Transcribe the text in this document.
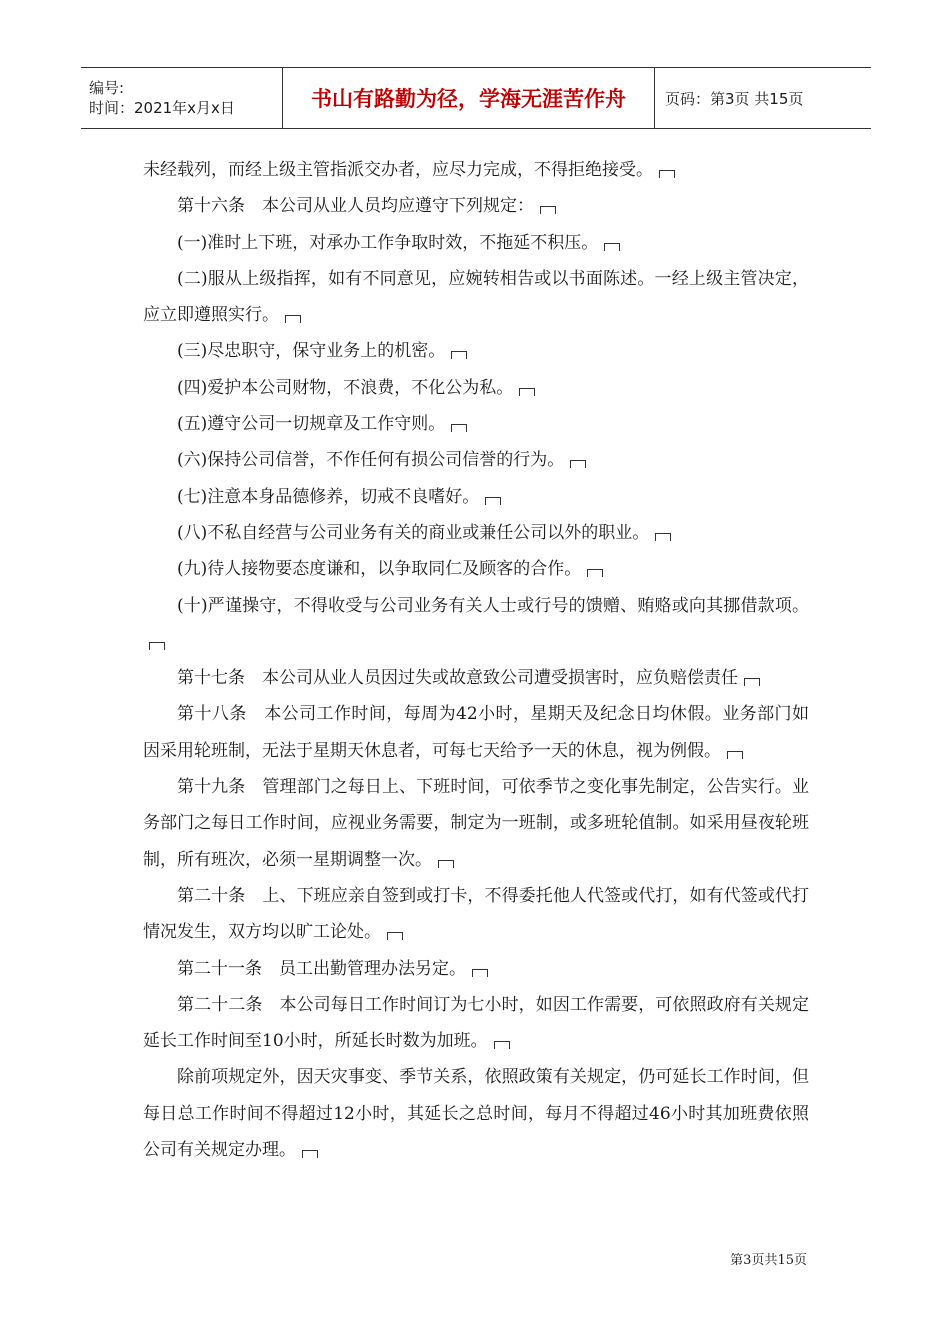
编号:
时间：2021年x月x日	书山有路勤为径，学海无涯苦作舟	页码：第3页 共15页

未经载列，而经上级主管指派交办者，应尽力完成，不得拒绝接受。

第十六条　本公司从业人员均应遵守下列规定：

(一)准时上下班，对承办工作争取时效，不拖延不积压。

(二)服从上级指挥，如有不同意见，应婉转相告或以书面陈述。一经上级主管决定，应立即遵照实行。

(三)尽忠职守，保守业务上的机密。

(四)爱护本公司财物，不浪费，不化公为私。

(五)遵守公司一切规章及工作守则。

(六)保持公司信誉，不作任何有损公司信誉的行为。

(七)注意本身品德修养，切戒不良嗜好。

(八)不私自经营与公司业务有关的商业或兼任公司以外的职业。

(九)待人接物要态度谦和，以争取同仁及顾客的合作。

(十)严谨操守，不得收受与公司业务有关人士或行号的馈赠、贿赂或向其挪借款项。

第十七条　本公司从业人员因过失或故意致公司遭受损害时，应负赔偿责任

第十八条　本公司工作时间，每周为42小时，星期天及纪念日均休假。业务部门如因采用轮班制，无法于星期天休息者，可每七天给予一天的休息，视为例假。

第十九条　管理部门之每日上、下班时间，可依季节之变化事先制定，公告实行。业务部门之每日工作时间，应视业务需要，制定为一班制，或多班轮值制。如采用昼夜轮班制，所有班次，必须一星期调整一次。

第二十条　上、下班应亲自签到或打卡，不得委托他人代签或代打，如有代签或代打情况发生，双方均以旷工论处。

第二十一条　员工出勤管理办法另定。

第二十二条　本公司每日工作时间订为七小时，如因工作需要，可依照政府有关规定延长工作时间至10小时，所延长时数为加班。

除前项规定外，因天灾事变、季节关系，依照政策有关规定，仍可延长工作时间，但每日总工作时间不得超过12小时，其延长之总时间，每月不得超过46小时其加班费依照公司有关规定办理。

第3页共15页
